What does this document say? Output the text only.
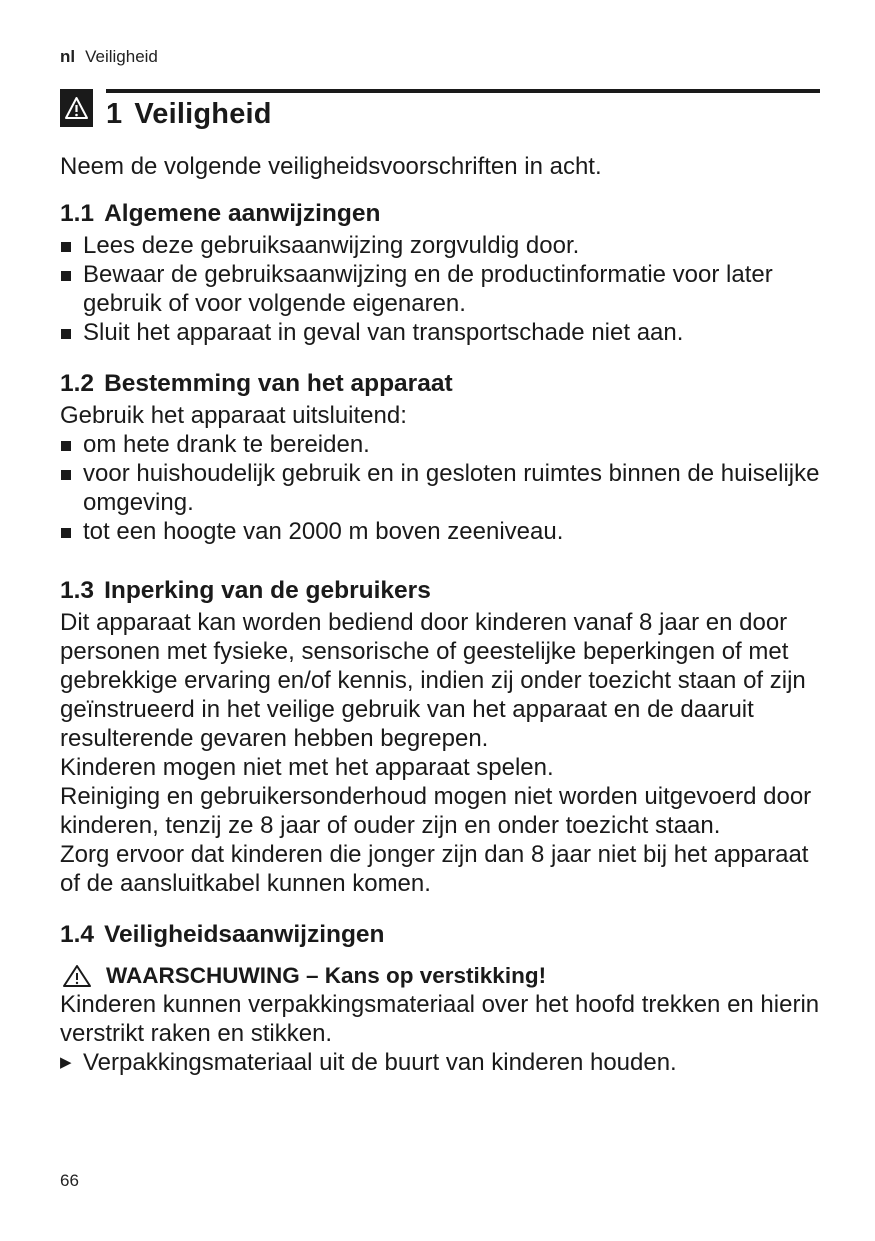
nl Veiligheid
1 Veiligheid

Neem de volgende veiligheidsvoorschriften in acht.

1.1 Algemene aanwijzingen
Lees deze gebruiksaanwijzing zorgvuldig door.
Bewaar de gebruiksaanwijzing en de productinformatie voor later gebruik of voor volgende eigenaren.
Sluit het apparaat in geval van transportschade niet aan.
1.2 Bestemming van het apparaat

Gebruik het apparaat uitsluitend:

om hete drank te bereiden.
voor huishoudelijk gebruik en in gesloten ruimtes binnen de huiselijke omgeving.
tot een hoogte van 2000 m boven zeeniveau.
1.3 Inperking van de gebruikers

Dit apparaat kan worden bediend door kinderen vanaf 8 jaar en door personen met fysieke, sensorische of geestelijke beperkingen of met gebrekkige ervaring en/of kennis, indien zij onder toezicht staan of zijn geïnstrueerd in het veilige gebruik van het apparaat en de daaruit resulterende gevaren hebben begrepen.

Kinderen mogen niet met het apparaat spelen.

Reiniging en gebruikersonderhoud mogen niet worden uitgevoerd door kinderen, tenzij ze 8 jaar of ouder zijn en onder toezicht staan.

Zorg ervoor dat kinderen die jonger zijn dan 8 jaar niet bij het apparaat of de aansluitkabel kunnen komen.

1.4 Veiligheidsaanwijzingen
WAARSCHUWING – Kans op verstikking!

Kinderen kunnen verpakkingsmateriaal over het hoofd trekken en hierin verstrikt raken en stikken.

▶ Verpakkingsmateriaal uit de buurt van kinderen houden.
66
